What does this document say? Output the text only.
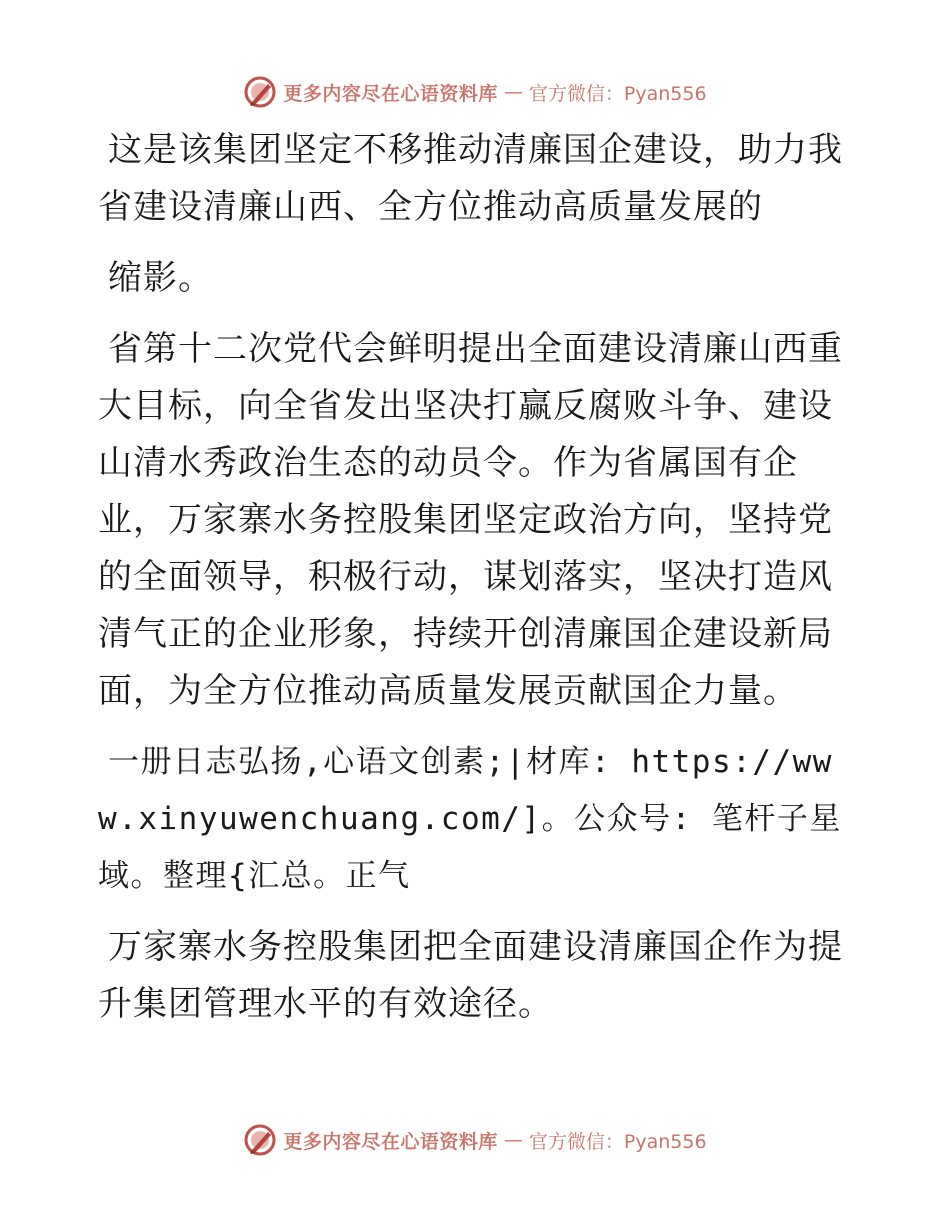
更多内容尽在心语资料库 — 官方微信：Pyan556

这是该集团坚定不移推动清廉国企建设，助力我省建设清廉山西、全方位推动高质量发展的

缩影。

省第十二次党代会鲜明提出全面建设清廉山西重大目标，向全省发出坚决打赢反腐败斗争、建设山清水秀政治生态的动员令。作为省属国有企业，万家寨水务控股集团坚定政治方向，坚持党的全面领导，积极行动，谋划落实，坚决打造风清气正的企业形象，持续开创清廉国企建设新局面，为全方位推动高质量发展贡献国企力量。

一册日志弘扬,心语文创素;|材库: https://www.xinyuwenchuang.com/]。公众号: 笔杆子星域。整理{汇总。正气

万家寨水务控股集团把全面建设清廉国企作为提升集团管理水平的有效途径。

更多内容尽在心语资料库 — 官方微信：Pyan556
